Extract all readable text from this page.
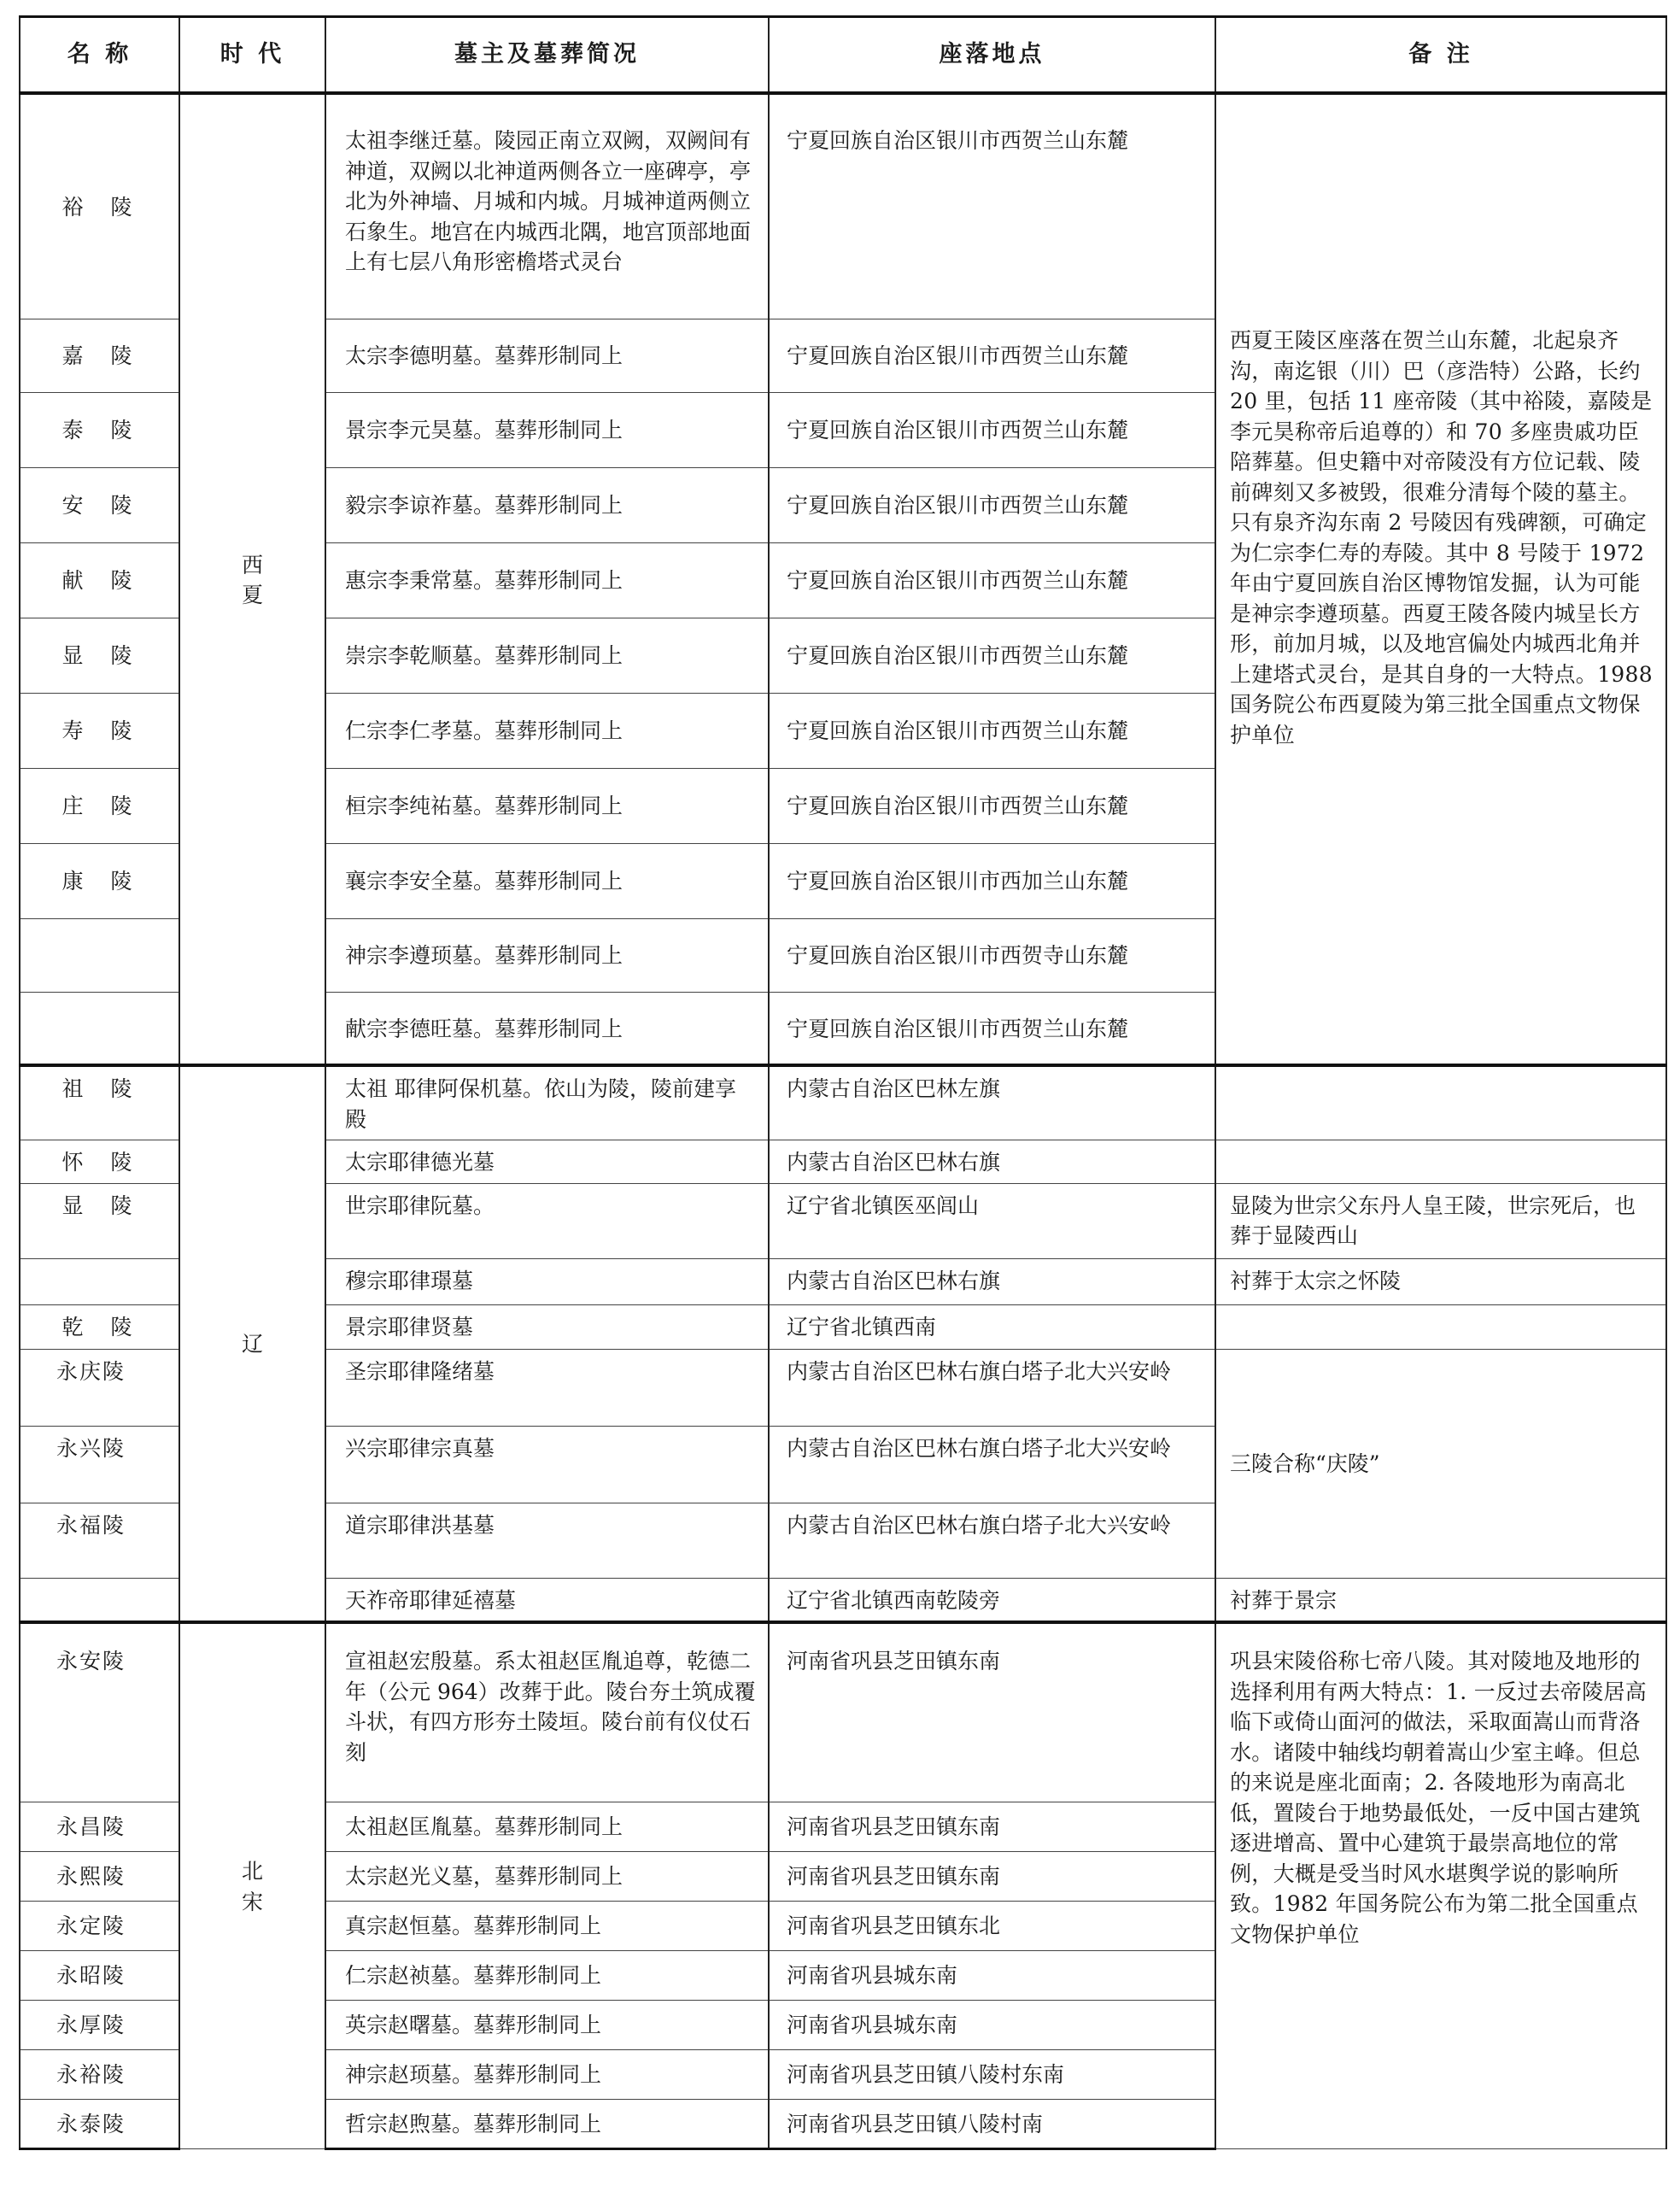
名 称	时 代	墓主及墓葬简况	座落地点	备 注
裕 陵	西 夏	太祖李继迁墓。陵园正南立双阙，双阙间有神道，双阙以北神道两侧各立一座碑亭，亭北为外神墙、月城和内城。月城神道两侧立石象生。地宫在内城西北隅，地宫顶部地面上有七层八角形密檐塔式灵台	宁夏回族自治区银川市西贺兰山东麓	西夏王陵区座落在贺兰山东麓，北起泉齐沟，南迄银（川）巴（彦浩特）公路，长约 20 里，包括 11 座帝陵（其中裕陵，嘉陵是李元昊称帝后追尊的）和 70 多座贵戚功臣陪葬墓。但史籍中对帝陵没有方位记载、陵前碑刻又多被毁，很难分清每个陵的墓主。只有泉齐沟东南 2 号陵因有残碑额，可确定为仁宗李仁寿的寿陵。其中 8 号陵于 1972 年由宁夏回族自治区博物馆发掘，认为可能是神宗李遵顼墓。西夏王陵各陵内城呈长方形，前加月城，以及地宫偏处内城西北角并上建塔式灵台，是其自身的一大特点。1988 国务院公布西夏陵为第三批全国重点文物保护单位
嘉 陵		太宗李德明墓。墓葬形制同上	宁夏回族自治区银川市西贺兰山东麓	
泰 陵		景宗李元昊墓。墓葬形制同上	宁夏回族自治区银川市西贺兰山东麓	
安 陵		毅宗李谅祚墓。墓葬形制同上	宁夏回族自治区银川市西贺兰山东麓	
献 陵		惠宗李秉常墓。墓葬形制同上	宁夏回族自治区银川市西贺兰山东麓	
显 陵		崇宗李乾顺墓。墓葬形制同上	宁夏回族自治区银川市西贺兰山东麓	
寿 陵		仁宗李仁孝墓。墓葬形制同上	宁夏回族自治区银川市西贺兰山东麓	
庄 陵		桓宗李纯祐墓。墓葬形制同上	宁夏回族自治区银川市西贺兰山东麓	
康 陵		襄宗李安全墓。墓葬形制同上	宁夏回族自治区银川市西加兰山东麓	
		神宗李遵顼墓。墓葬形制同上	宁夏回族自治区银川市西贺寺山东麓	
		献宗李德旺墓。墓葬形制同上	宁夏回族自治区银川市西贺兰山东麓	
祖 陵	辽	太祖 耶律阿保机墓。依山为陵，陵前建享殿	内蒙古自治区巴林左旗	
怀 陵		太宗耶律德光墓	内蒙古自治区巴林右旗	
显 陵		世宗耶律阮墓。	辽宁省北镇医巫闾山	显陵为世宗父东丹人皇王陵，世宗死后，也葬于显陵西山
		穆宗耶律璟墓	内蒙古自治区巴林右旗	衬葬于太宗之怀陵
乾 陵		景宗耶律贤墓	辽宁省北镇西南	
永庆陵		圣宗耶律隆绪墓	内蒙古自治区巴林右旗白塔子北大兴安岭	三陵合称“庆陵”
永兴陵		兴宗耶律宗真墓	内蒙古自治区巴林右旗白塔子北大兴安岭	
永福陵		道宗耶律洪基墓	内蒙古自治区巴林右旗白塔子北大兴安岭	
		天祚帝耶律延禧墓	辽宁省北镇西南乾陵旁	衬葬于景宗
永安陵	北 宋	宣祖赵宏殷墓。系太祖赵匡胤追尊，乾德二年（公元 964）改葬于此。陵台夯土筑成覆斗状，有四方形夯土陵垣。陵台前有仪仗石刻	河南省巩县芝田镇东南	巩县宋陵俗称七帝八陵。其对陵地及地形的选择利用有两大特点：1. 一反过去帝陵居高临下或倚山面河的做法，采取面嵩山而背洛水。诸陵中轴线均朝着嵩山少室主峰。但总的来说是座北面南；2. 各陵地形为南高北低，置陵台于地势最低处，一反中国古建筑逐进增高、置中心建筑于最崇高地位的常例，大概是受当时风水堪舆学说的影响所致。1982 年国务院公布为第二批全国重点文物保护单位
永昌陵		太祖赵匡胤墓。墓葬形制同上	河南省巩县芝田镇东南	
永熙陵		太宗赵光义墓，墓葬形制同上	河南省巩县芝田镇东南	
永定陵		真宗赵恒墓。墓葬形制同上	河南省巩县芝田镇东北	
永昭陵		仁宗赵祯墓。墓葬形制同上	河南省巩县城东南	
永厚陵		英宗赵曙墓。墓葬形制同上	河南省巩县城东南	
永裕陵		神宗赵顼墓。墓葬形制同上	河南省巩县芝田镇八陵村东南	
永泰陵		哲宗赵煦墓。墓葬形制同上	河南省巩县芝田镇八陵村南	
